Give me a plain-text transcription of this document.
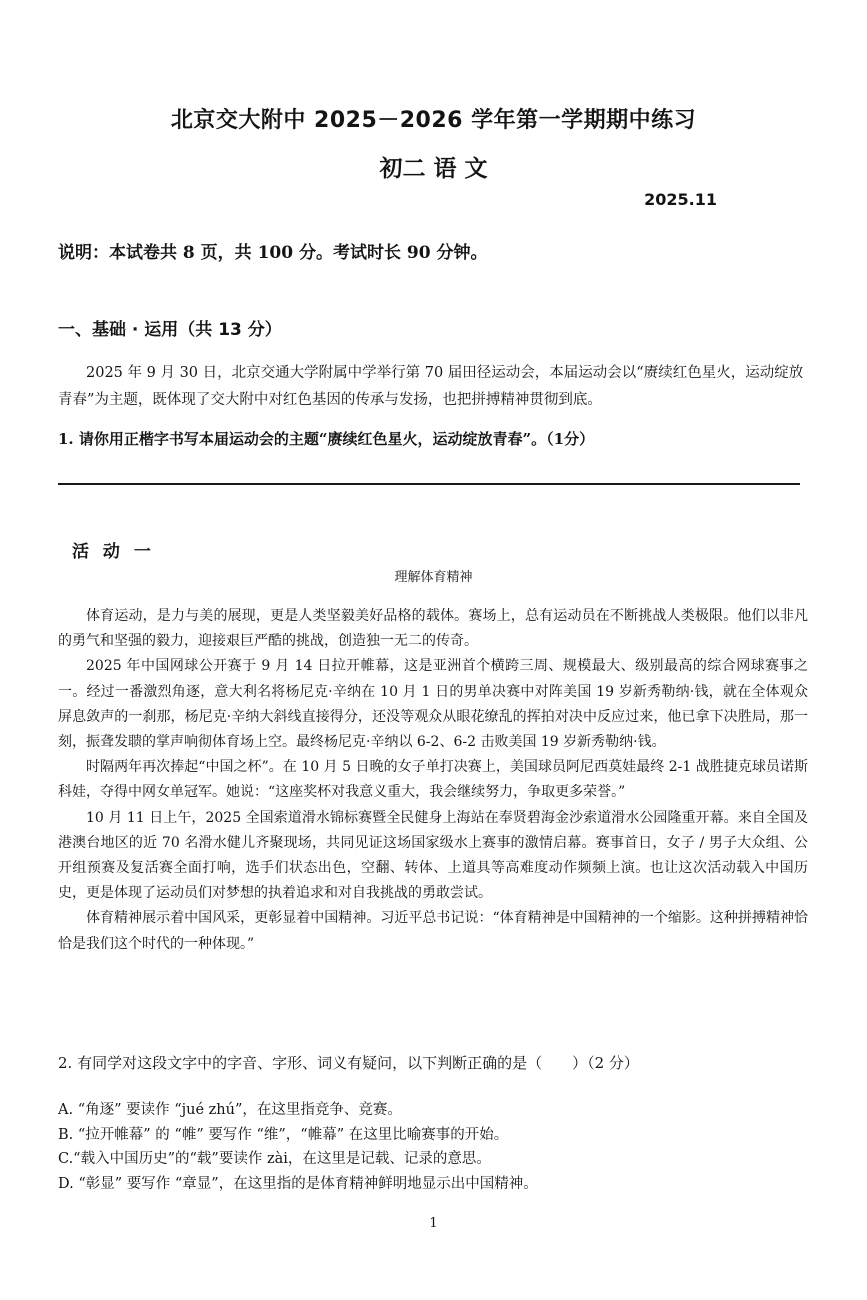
北京交大附中 2025－2026 学年第一学期期中练习
初二 语 文
2025.11
说明：本试卷共 8 页，共 100 分。考试时长 90 分钟。
一、基础 · 运用（共 13 分）

2025 年 9 月 30 日，北京交通大学附属中学举行第 70 届田径运动会，本届运动会以“赓续红色星火，运动绽放青春”为主题，既体现了交大附中对红色基因的传承与发扬，也把拼搏精神贯彻到底。

1. 请你用正楷字书写本届运动会的主题“赓续红色星火，运动绽放青春”。（1分）
活 动 一
理解体育精神

体育运动，是力与美的展现，更是人类坚毅美好品格的载体。赛场上，总有运动员在不断挑战人类极限。他们以非凡的勇气和坚强的毅力，迎接艰巨严酷的挑战，创造独一无二的传奇。

2025 年中国网球公开赛于 9 月 14 日拉开帷幕，这是亚洲首个横跨三周、规模最大、级别最高的综合网球赛事之一。经过一番激烈角逐，意大利名将杨尼克·辛纳在 10 月 1 日的男单决赛中对阵美国 19 岁新秀勒纳·钱，就在全体观众屏息敛声的一刹那，杨尼克·辛纳大斜线直接得分，还没等观众从眼花缭乱的挥拍对决中反应过来，他已拿下决胜局，那一刻，振聋发聩的掌声响彻体育场上空。最终杨尼克·辛纳以 6-2、6-2 击败美国 19 岁新秀勒纳·钱。

时隔两年再次捧起“中国之杯”。在 10 月 5 日晚的女子单打决赛上，美国球员阿尼西莫娃最终 2-1 战胜捷克球员诺斯科娃，夺得中网女单冠军。她说：“这座奖杯对我意义重大，我会继续努力，争取更多荣誉。”

10 月 11 日上午，2025 全国索道滑水锦标赛暨全民健身上海站在奉贤碧海金沙索道滑水公园隆重开幕。来自全国及港澳台地区的近 70 名滑水健儿齐聚现场，共同见证这场国家级水上赛事的激情启幕。赛事首日，女子 / 男子大众组、公开组预赛及复活赛全面打响，选手们状态出色，空翻、转体、上道具等高难度动作频频上演。也让这次活动载入中国历史，更是体现了运动员们对梦想的执着追求和对自我挑战的勇敢尝试。

体育精神展示着中国风采，更彰显着中国精神。习近平总书记说：“体育精神是中国精神的一个缩影。这种拼搏精神恰恰是我们这个时代的一种体现。”

2. 有同学对这段文字中的字音、字形、词义有疑问，以下判断正确的是（　　）（2 分）
A. “角逐” 要读作 “jué zhú”，在这里指竞争、竞赛。
B. “拉开帷幕” 的 “帷” 要写作 “维”，“帷幕” 在这里比喻赛事的开始。
C.“载入中国历史”的“载”要读作 zài，在这里是记载、记录的意思。
D. “彰显” 要写作 “章显”，在这里指的是体育精神鲜明地显示出中国精神。
1
